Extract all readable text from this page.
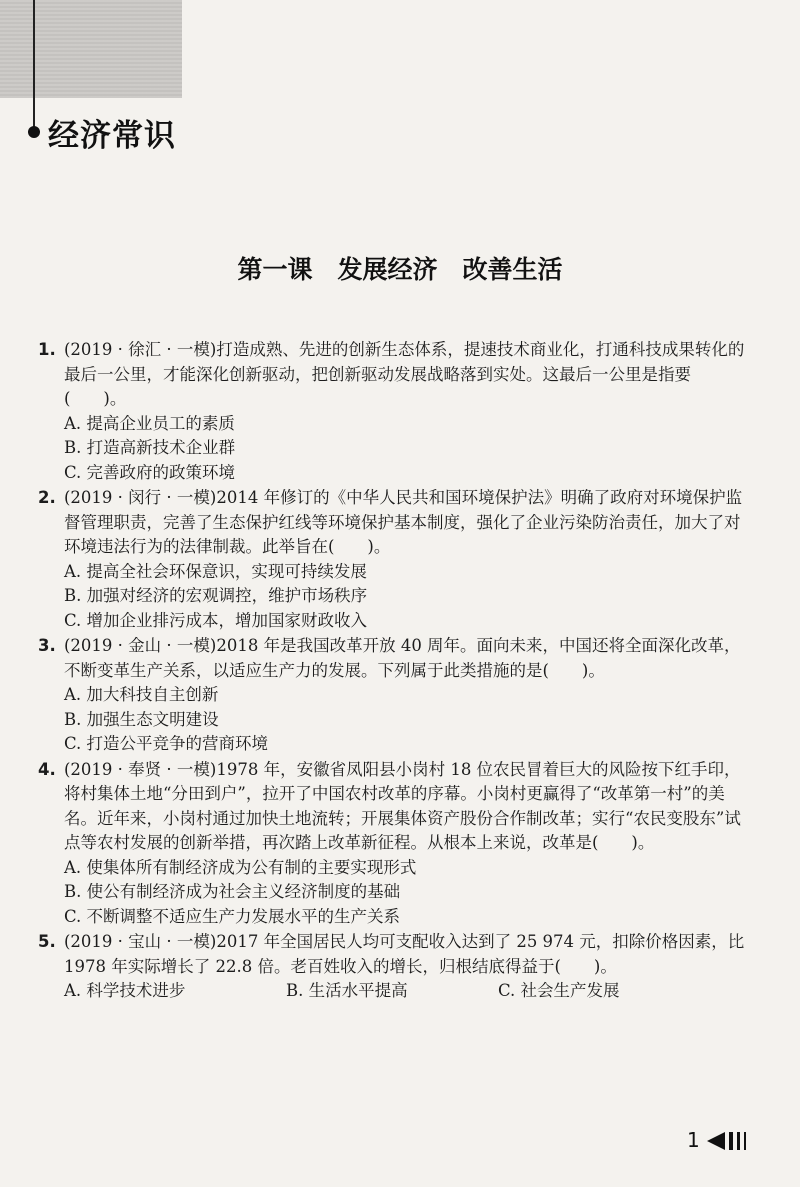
经济常识
第一课　发展经济　改善生活
1. (2019 · 徐汇 · 一模)打造成熟、先进的创新生态体系，提速技术商业化，打通科技成果转化的最后一公里，才能深化创新驱动，把创新驱动发展战略落到实处。这最后一公里是指要(　　)。
A. 提高企业员工的素质
B. 打造高新技术企业群
C. 完善政府的政策环境
2. (2019 · 闵行 · 一模)2014 年修订的《中华人民共和国环境保护法》明确了政府对环境保护监督管理职责，完善了生态保护红线等环境保护基本制度，强化了企业污染防治责任，加大了对环境违法行为的法律制裁。此举旨在(　　)。
A. 提高全社会环保意识，实现可持续发展
B. 加强对经济的宏观调控，维护市场秩序
C. 增加企业排污成本，增加国家财政收入
3. (2019 · 金山 · 一模)2018 年是我国改革开放 40 周年。面向未来，中国还将全面深化改革，不断变革生产关系，以适应生产力的发展。下列属于此类措施的是(　　)。
A. 加大科技自主创新
B. 加强生态文明建设
C. 打造公平竞争的营商环境
4. (2019 · 奉贤 · 一模)1978 年，安徽省凤阳县小岗村 18 位农民冒着巨大的风险按下红手印，将村集体土地“分田到户”，拉开了中国农村改革的序幕。小岗村更赢得了“改革第一村”的美名。近年来，小岗村通过加快土地流转；开展集体资产股份合作制改革；实行“农民变股东”试点等农村发展的创新举措，再次踏上改革新征程。从根本上来说，改革是(　　)。
A. 使集体所有制经济成为公有制的主要实现形式
B. 使公有制经济成为社会主义经济制度的基础
C. 不断调整不适应生产力发展水平的生产关系
5. (2019 · 宝山 · 一模)2017 年全国居民人均可支配收入达到了 25 974 元，扣除价格因素，比 1978 年实际增长了 22.8 倍。老百姓收入的增长，归根结底得益于(　　)。
A. 科学技术进步	B. 生活水平提高	C. 社会生产发展
1
